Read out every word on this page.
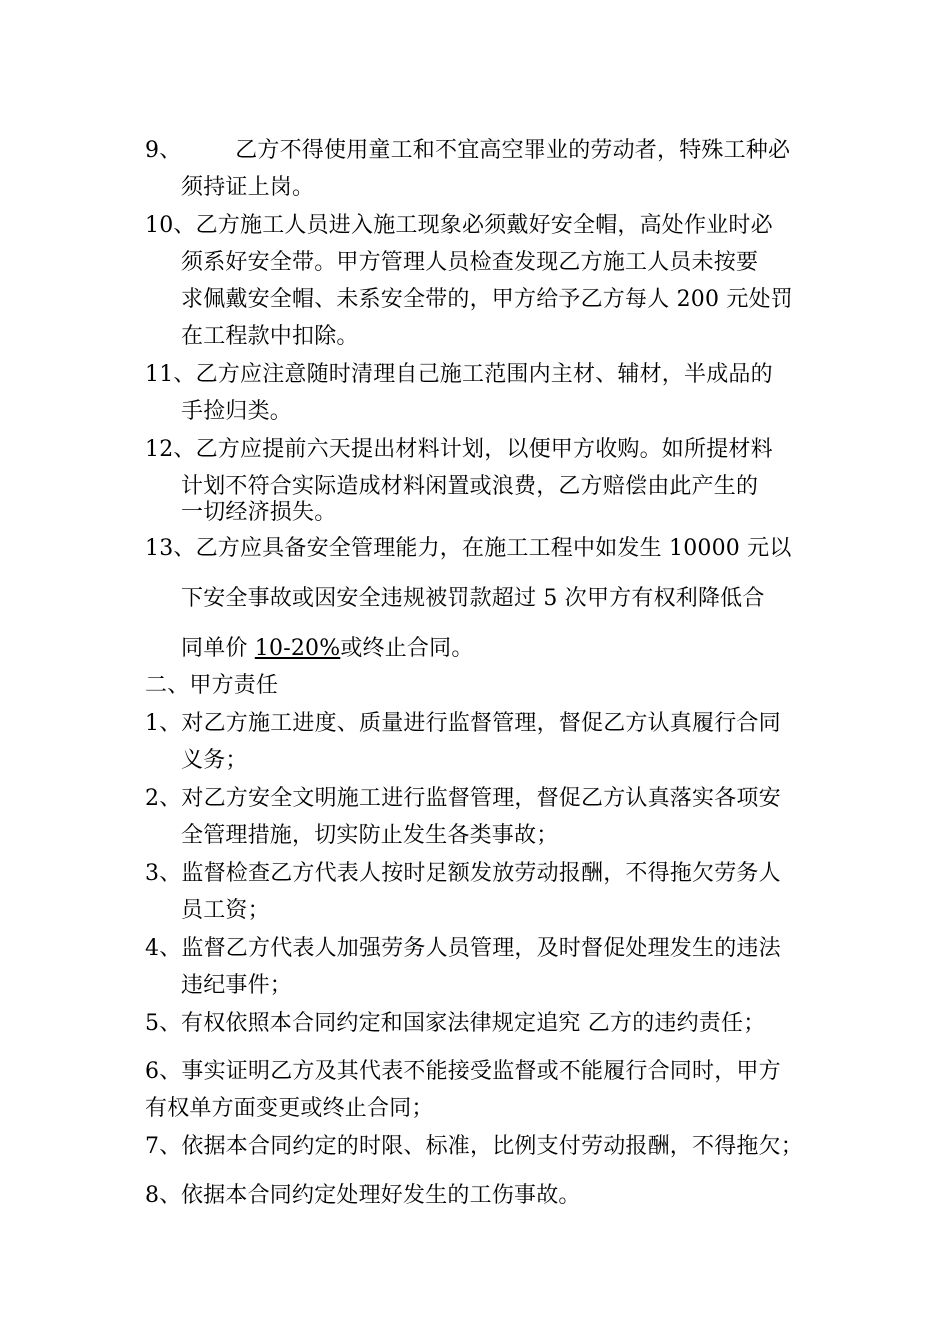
9、　乙方不得使用童工和不宜高空罪业的劳动者，特殊工种必
须持证上岗。
10、乙方施工人员进入施工现象必须戴好安全帽，高处作业时必
须系好安全带。甲方管理人员检查发现乙方施工人员未按要
求佩戴安全帽、未系安全带的，甲方给予乙方每人 200 元处罚
在工程款中扣除。
11、乙方应注意随时清理自己施工范围内主材、辅材，半成品的
手捡归类。
12、乙方应提前六天提出材料计划，以便甲方收购。如所提材料
计划不符合实际造成材料闲置或浪费，乙方赔偿由此产生的
一切经济损失。
13、乙方应具备安全管理能力，在施工工程中如发生 10000 元以
下安全事故或因安全违规被罚款超过 5 次甲方有权利降低合
同单价 10-20%或终止合同。
二、甲方责任
1、对乙方施工进度、质量进行监督管理，督促乙方认真履行合同
义务；
2、对乙方安全文明施工进行监督管理，督促乙方认真落实各项安
全管理措施，切实防止发生各类事故；
3、监督检查乙方代表人按时足额发放劳动报酬，不得拖欠劳务人
员工资；
4、监督乙方代表人加强劳务人员管理，及时督促处理发生的违法
违纪事件；
5、有权依照本合同约定和国家法律规定追究 乙方的违约责任；
6、事实证明乙方及其代表不能接受监督或不能履行合同时，甲方
有权单方面变更或终止合同；
7、依据本合同约定的时限、标准，比例支付劳动报酬，不得拖欠；
8、依据本合同约定处理好发生的工伤事故。
